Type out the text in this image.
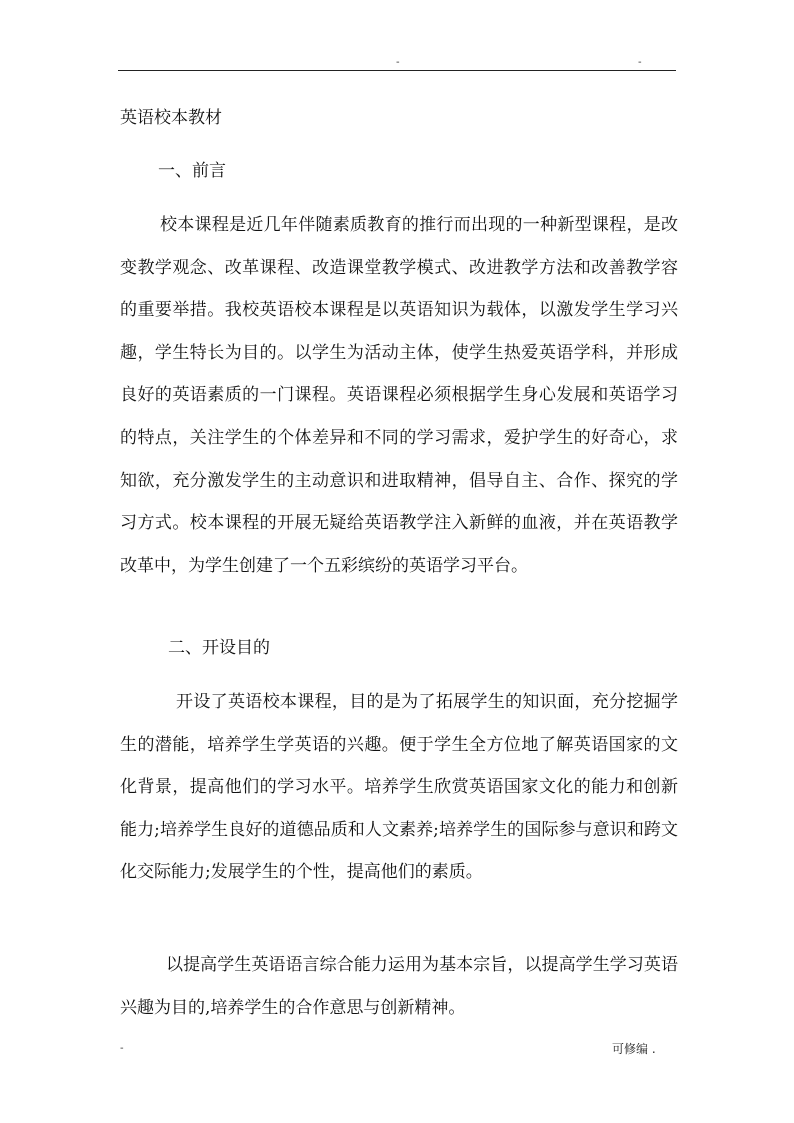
-	-
英语校本教材
一、前言
校本课程是近几年伴随素质教育的推行而出现的一种新型课程，是改变教学观念、改革课程、改造课堂教学模式、改进教学方法和改善教学容的重要举措。我校英语校本课程是以英语知识为载体，以激发学生学习兴趣，学生特长为目的。以学生为活动主体，使学生热爱英语学科，并形成良好的英语素质的一门课程。英语课程必须根据学生身心发展和英语学习的特点，关注学生的个体差异和不同的学习需求，爱护学生的好奇心，求知欲，充分激发学生的主动意识和进取精神，倡导自主、合作、探究的学习方式。校本课程的开展无疑给英语教学注入新鲜的血液，并在英语教学改革中，为学生创建了一个五彩缤纷的英语学习平台。
二、开设目的
开设了英语校本课程，目的是为了拓展学生的知识面，充分挖掘学生的潜能，培养学生学英语的兴趣。便于学生全方位地了解英语国家的文化背景，提高他们的学习水平。培养学生欣赏英语国家文化的能力和创新能力;培养学生良好的道德品质和人文素养;培养学生的国际参与意识和跨文化交际能力;发展学生的个性，提高他们的素质。
以提高学生英语语言综合能力运用为基本宗旨，以提高学生学习英语兴趣为目的,培养学生的合作意思与创新精神。
-	可修编 .
